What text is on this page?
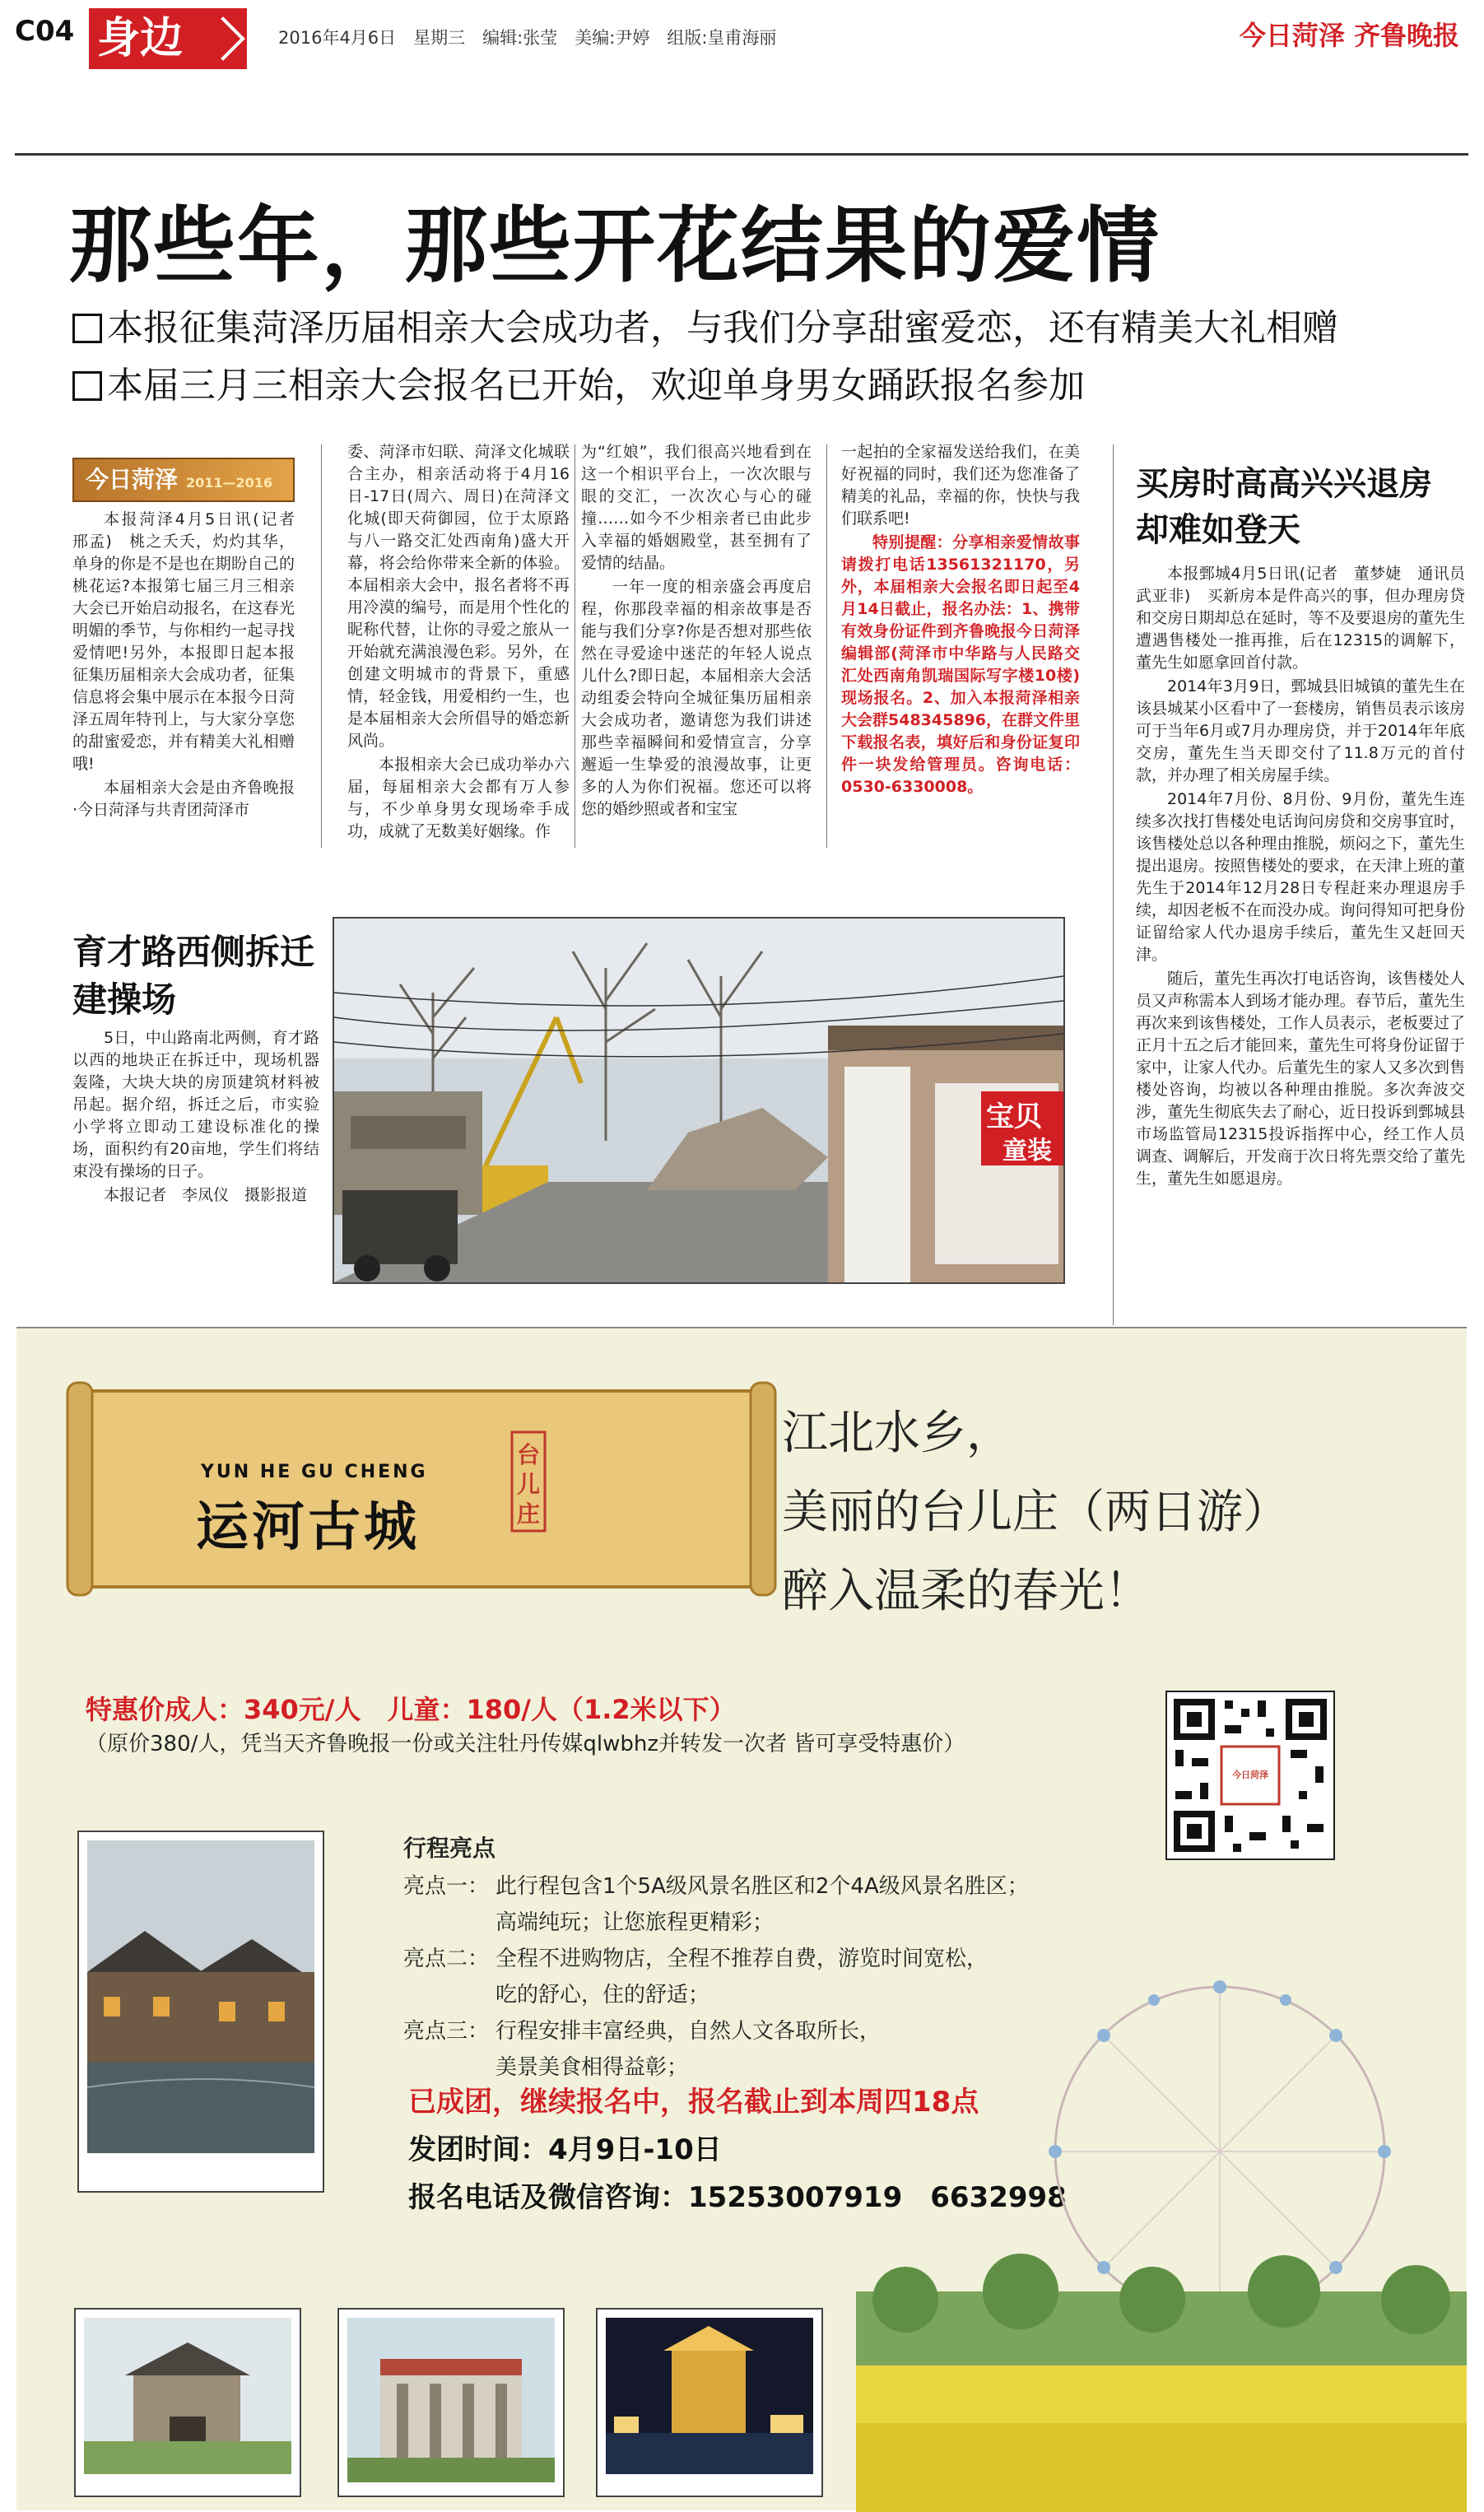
C04 身边	2016年4月6日　星期三　编辑:张莹　美编:尹婷　组版:皇甫海丽	今日菏泽 齐鲁晚报
那些年，那些开花结果的爱情
本报征集菏泽历届相亲大会成功者，与我们分享甜蜜爱恋，还有精美大礼相赠
本届三月三相亲大会报名已开始，欢迎单身男女踊跃报名参加
今日菏泽 2011—2016

本报菏泽4月5日讯(记者　邢孟)　桃之夭夭，灼灼其华，单身的你是不是也在期盼自己的桃花运?本报第七届三月三相亲大会已开始启动报名，在这春光明媚的季节，与你相约一起寻找爱情吧!另外，本报即日起本报征集历届相亲大会成功者，征集信息将会集中展示在本报今日菏泽五周年特刊上，与大家分享您的甜蜜爱恋，并有精美大礼相赠哦!

本届相亲大会是由齐鲁晚报·今日菏泽与共青团菏泽市

委、菏泽市妇联、菏泽文化城联合主办，相亲活动将于4月16日-17日(周六、周日)在菏泽文化城(即天荷御园，位于太原路与八一路交汇处西南角)盛大开幕，将会给你带来全新的体验。本届相亲大会中，报名者将不再用冷漠的编号，而是用个性化的昵称代替，让你的寻爱之旅从一开始就充满浪漫色彩。另外，在创建文明城市的背景下，重感情，轻金钱，用爱相约一生，也是本届相亲大会所倡导的婚恋新风尚。

本报相亲大会已成功举办六届，每届相亲大会都有万人参与，不少单身男女现场牵手成功，成就了无数美好姻缘。作

为“红娘”，我们很高兴地看到在这一个相识平台上，一次次眼与眼的交汇，一次次心与心的碰撞……如今不少相亲者已由此步入幸福的婚姻殿堂，甚至拥有了爱情的结晶。

一年一度的相亲盛会再度启程，你那段幸福的相亲故事是否能与我们分享?你是否想对那些依然在寻爱途中迷茫的年轻人说点儿什么?即日起，本届相亲大会活动组委会特向全城征集历届相亲大会成功者，邀请您为我们讲述那些幸福瞬间和爱情宣言，分享邂逅一生挚爱的浪漫故事，让更多的人为你们祝福。您还可以将您的婚纱照或者和宝宝

一起拍的全家福发送给我们，在美好祝福的同时，我们还为您准备了精美的礼品，幸福的你，快快与我们联系吧!

特别提醒：分享相亲爱情故事请拨打电话13561321170，另外，本届相亲大会报名即日起至4月14日截止，报名办法：1、携带有效身份证件到齐鲁晚报今日菏泽编辑部(菏泽市中华路与人民路交汇处西南角凯瑞国际写字楼10楼)现场报名。2、加入本报菏泽相亲大会群548345896，在群文件里下载报名表，填好后和身份证复印件一块发给管理员。咨询电话：0530-6330008。

买房时高高兴兴退房却难如登天

本报鄄城4月5日讯(记者　董梦婕　通讯员　武亚非)　买新房本是件高兴的事，但办理房贷和交房日期却总在延时，等不及要退房的董先生遭遇售楼处一推再推，后在12315的调解下，董先生如愿拿回首付款。

2014年3月9日，鄄城县旧城镇的董先生在该县城某小区看中了一套楼房，销售员表示该房可于当年6月或7月办理房贷，并于2014年年底交房，董先生当天即交付了11.8万元的首付款，并办理了相关房屋手续。

2014年7月份、8月份、9月份，董先生连续多次找打售楼处电话询问房贷和交房事宜时，该售楼处总以各种理由推脱，烦闷之下，董先生提出退房。按照售楼处的要求，在天津上班的董先生于2014年12月28日专程赶来办理退房手续，却因老板不在而没办成。询问得知可把身份证留给家人代办退房手续后，董先生又赶回天津。

随后，董先生再次打电话咨询，该售楼处人员又声称需本人到场才能办理。春节后，董先生再次来到该售楼处，工作人员表示，老板要过了正月十五之后才能回来，董先生可将身份证留于家中，让家人代办。后董先生的家人又多次到售楼处咨询，均被以各种理由推脱。多次奔波交涉，董先生彻底失去了耐心，近日投诉到鄄城县市场监管局12315投诉指挥中心，经工作人员调查、调解后，开发商于次日将先票交给了董先生，董先生如愿退房。

育才路西侧拆迁建操场

5日，中山路南北两侧，育才路以西的地块正在拆迁中，现场机器轰隆，大块大块的房顶建筑材料被吊起。据介绍，拆迁之后，市实验小学将立即动工建设标准化的操场，面积约有20亩地，学生们将结束没有操场的日子。

本报记者　李凤仪　摄影报道

宝贝
童装
YUN HE GU CHENG
运河古城
台儿庄
江北水乡，
美丽的台儿庄（两日游）
醉入温柔的春光！
特惠价成人：340元/人　儿童：180/人（1.2米以下）
（原价380/人，凭当天齐鲁晚报一份或关注牡丹传媒qlwbhz并转发一次者 皆可享受特惠价）
今日菏泽
行程亮点
亮点一： 此行程包含1个5A级风景名胜区和2个4A级风景名胜区；
高端纯玩；让您旅程更精彩；
亮点二： 全程不进购物店，全程不推荐自费，游览时间宽松，
吃的舒心，住的舒适；
亮点三： 行程安排丰富经典，自然人文各取所长，
美景美食相得益彰；
已成团，继续报名中，报名截止到本周四18点
发团时间：4月9日-10日
报名电话及微信咨询：15253007919　6632998
